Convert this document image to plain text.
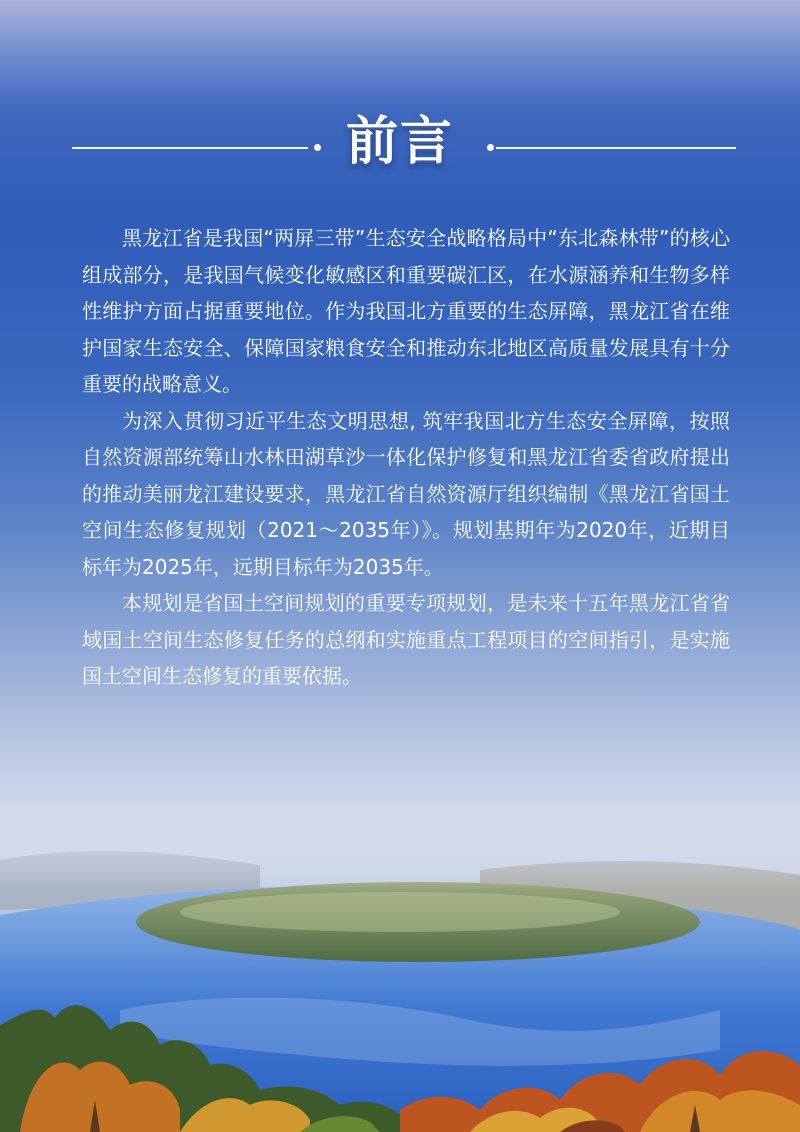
前言

黑龙江省是我国“两屏三带”生态安全战略格局中“东北森林带”的核心组成部分，是我国气候变化敏感区和重要碳汇区，在水源涵养和生物多样性维护方面占据重要地位。作为我国北方重要的生态屏障，黑龙江省在维护国家生态安全、保障国家粮食安全和推动东北地区高质量发展具有十分重要的战略意义。

为深入贯彻习近平生态文明思想, 筑牢我国北方生态安全屏障，按照自然资源部统筹山水林田湖草沙一体化保护修复和黑龙江省委省政府提出的推动美丽龙江建设要求，黑龙江省自然资源厅组织编制《黑龙江省国土空间生态修复规划（2021～2035年）》。规划基期年为2020年，近期目标年为2025年，远期目标年为2035年。

本规划是省国土空间规划的重要专项规划，是未来十五年黑龙江省省域国土空间生态修复任务的总纲和实施重点工程项目的空间指引，是实施国土空间生态修复的重要依据。
